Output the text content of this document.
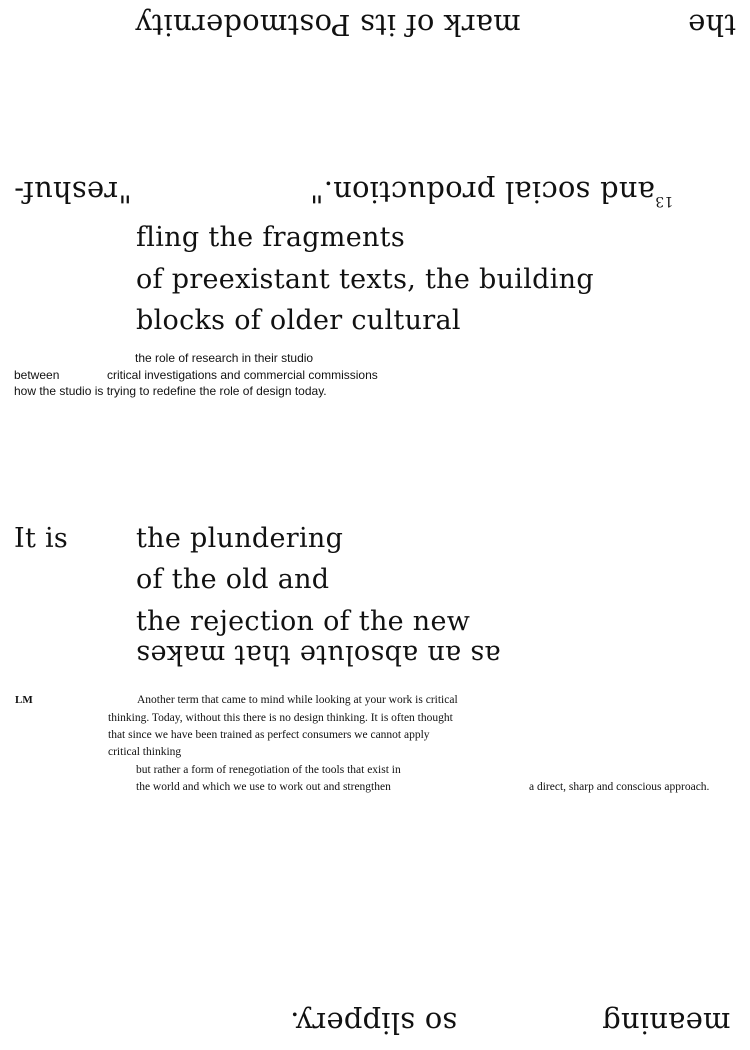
mark of its Postmodernity	the
$^{13}$and social production."
"reshuf-
fling the fragments
of preexistant texts, the building
blocks of older cultural
the role of research in their studio
between	critical investigations and commercial commissions
how the studio is trying to redefine the role of design today.
It is	the plundering
of the old and
the rejection of the new
as an absolute that makes
LM	Another term that came to mind while looking at your work is critical
thinking. Today, without this there is no design thinking. It is often thought
that since we have been trained as perfect consumers we cannot apply
critical thinking
but rather a form of renegotiation of the tools that exist in
the world and which we use to work out and strengthen	a direct, sharp and conscious approach.
so slippery.	meaning
